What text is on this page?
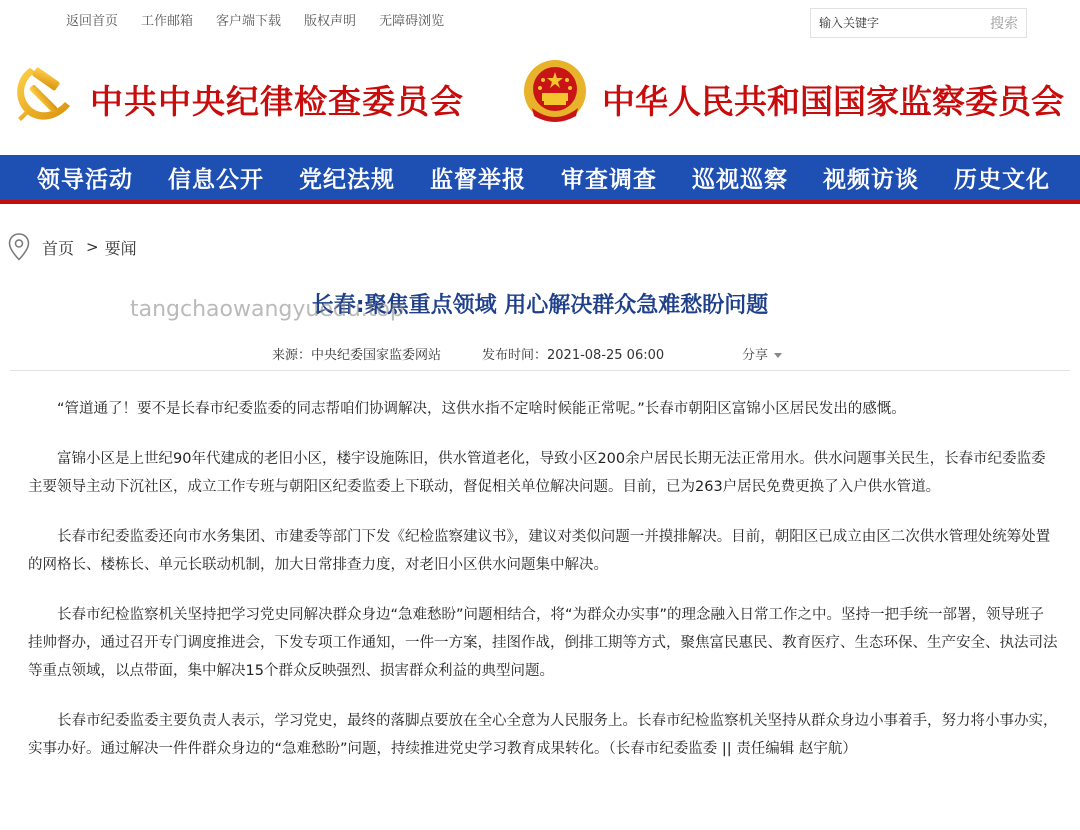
返回首页 工作邮箱 客户端下载 版权声明 无障碍浏览
输入关键字	搜索
中共中央纪律检查委员会	中华人民共和国国家监察委员会
领导活动 信息公开 党纪法规 监督举报 审查调查 巡视巡察 视频访谈 历史文化
首页 > 要闻
长春:聚焦重点领域 用心解决群众急难愁盼问题
tangchaowangyuedu.top
来源：中央纪委国家监委网站	发布时间：2021-08-25 06:00	分享

“管道通了！要不是长春市纪委监委的同志帮咱们协调解决，这供水指不定啥时候能正常呢。”长春市朝阳区富锦小区居民发出的感慨。

富锦小区是上世纪90年代建成的老旧小区，楼宇设施陈旧，供水管道老化，导致小区200余户居民长期无法正常用水。供水问题事关民生，长春市纪委监委主要领导主动下沉社区，成立工作专班与朝阳区纪委监委上下联动，督促相关单位解决问题。目前，已为263户居民免费更换了入户供水管道。

长春市纪委监委还向市水务集团、市建委等部门下发《纪检监察建议书》，建议对类似问题一并摸排解决。目前，朝阳区已成立由区二次供水管理处统筹处置的网格长、楼栋长、单元长联动机制，加大日常排查力度，对老旧小区供水问题集中解决。

长春市纪检监察机关坚持把学习党史同解决群众身边“急难愁盼”问题相结合，将“为群众办实事”的理念融入日常工作之中。坚持一把手统一部署，领导班子挂帅督办，通过召开专门调度推进会，下发专项工作通知，一件一方案，挂图作战，倒排工期等方式，聚焦富民惠民、教育医疗、生态环保、生产安全、执法司法等重点领域，以点带面，集中解决15个群众反映强烈、损害群众利益的典型问题。

长春市纪委监委主要负责人表示，学习党史，最终的落脚点要放在全心全意为人民服务上。长春市纪检监察机关坚持从群众身边小事着手，努力将小事办实，实事办好。通过解决一件件群众身边的“急难愁盼”问题，持续推进党史学习教育成果转化。（长春市纪委监委 || 责任编辑 赵宇航）
